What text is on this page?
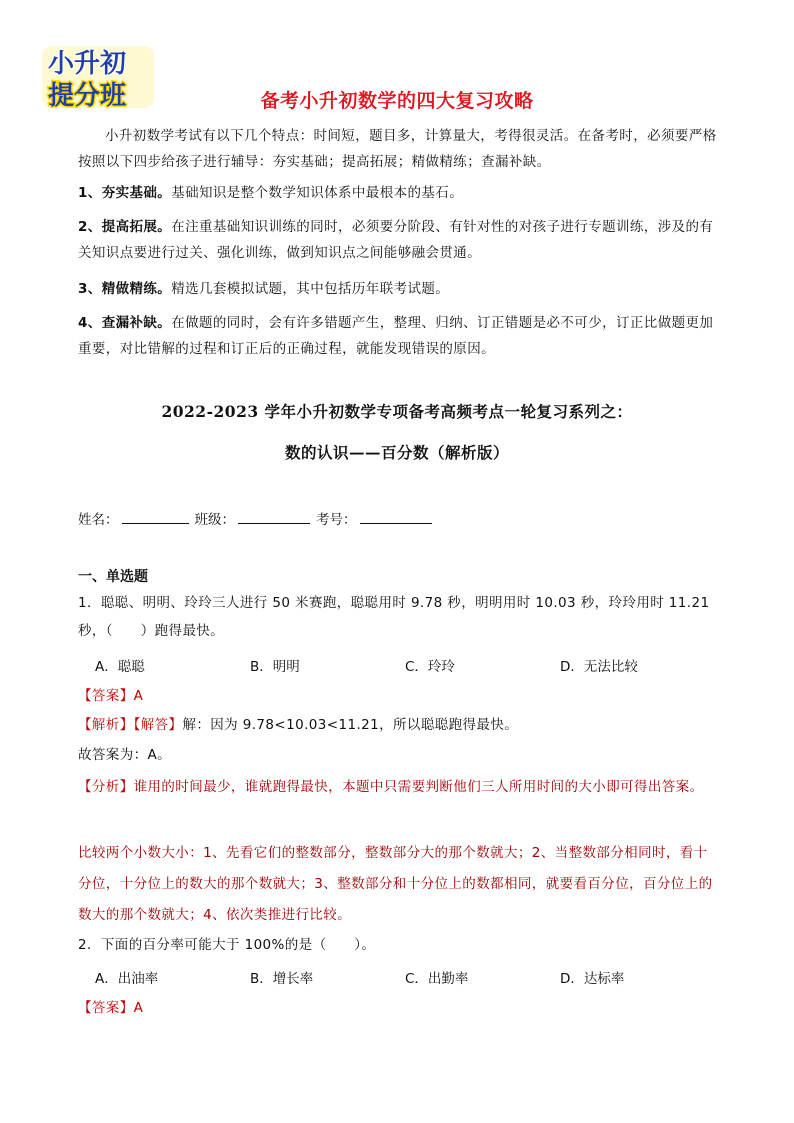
小升初
提分班	备考小升初数学的四大复习攻略
小升初数学考试有以下几个特点：时间短，题目多，计算量大，考得很灵活。在备考时，必须要严格按照以下四步给孩子进行辅导：夯实基础；提高拓展；精做精练；查漏补缺。
1、夯实基础。基础知识是整个数学知识体系中最根本的基石。
2、提高拓展。在注重基础知识训练的同时，必须要分阶段、有针对性的对孩子进行专题训练，涉及的有关知识点要进行过关、强化训练，做到知识点之间能够融会贯通。
3、精做精练。精选几套模拟试题，其中包括历年联考试题。
4、查漏补缺。在做题的同时，会有许多错题产生，整理、归纳、订正错题是必不可少，订正比做题更加重要，对比错解的过程和订正后的正确过程，就能发现错误的原因。
2022-2023 学年小升初数学专项备考高频考点一轮复习系列之：
数的认识——百分数（解析版）
姓名：	班级：	考号：
一、单选题
1．聪聪、明明、玲玲三人进行 50 米赛跑，聪聪用时 9.78 秒，明明用时 10.03 秒，玲玲用时 11.21 秒，（　　）跑得最快。
A．聪聪	B．明明	C．玲玲	D．无法比较
【答案】A
【解析】【解答】解：因为 9.78<10.03<11.21，所以聪聪跑得最快。
故答案为：A。
【分析】谁用的时间最少，谁就跑得最快，本题中只需要判断他们三人所用时间的大小即可得出答案。
比较两个小数大小：1、先看它们的整数部分，整数部分大的那个数就大；2、当整数部分相同时，看十分位，十分位上的数大的那个数就大；3、整数部分和十分位上的数都相同，就要看百分位，百分位上的数大的那个数就大；4、依次类推进行比较。
2．下面的百分率可能大于 100%的是（　　）。
A．出油率	B．增长率	C．出勤率	D．达标率
【答案】A
